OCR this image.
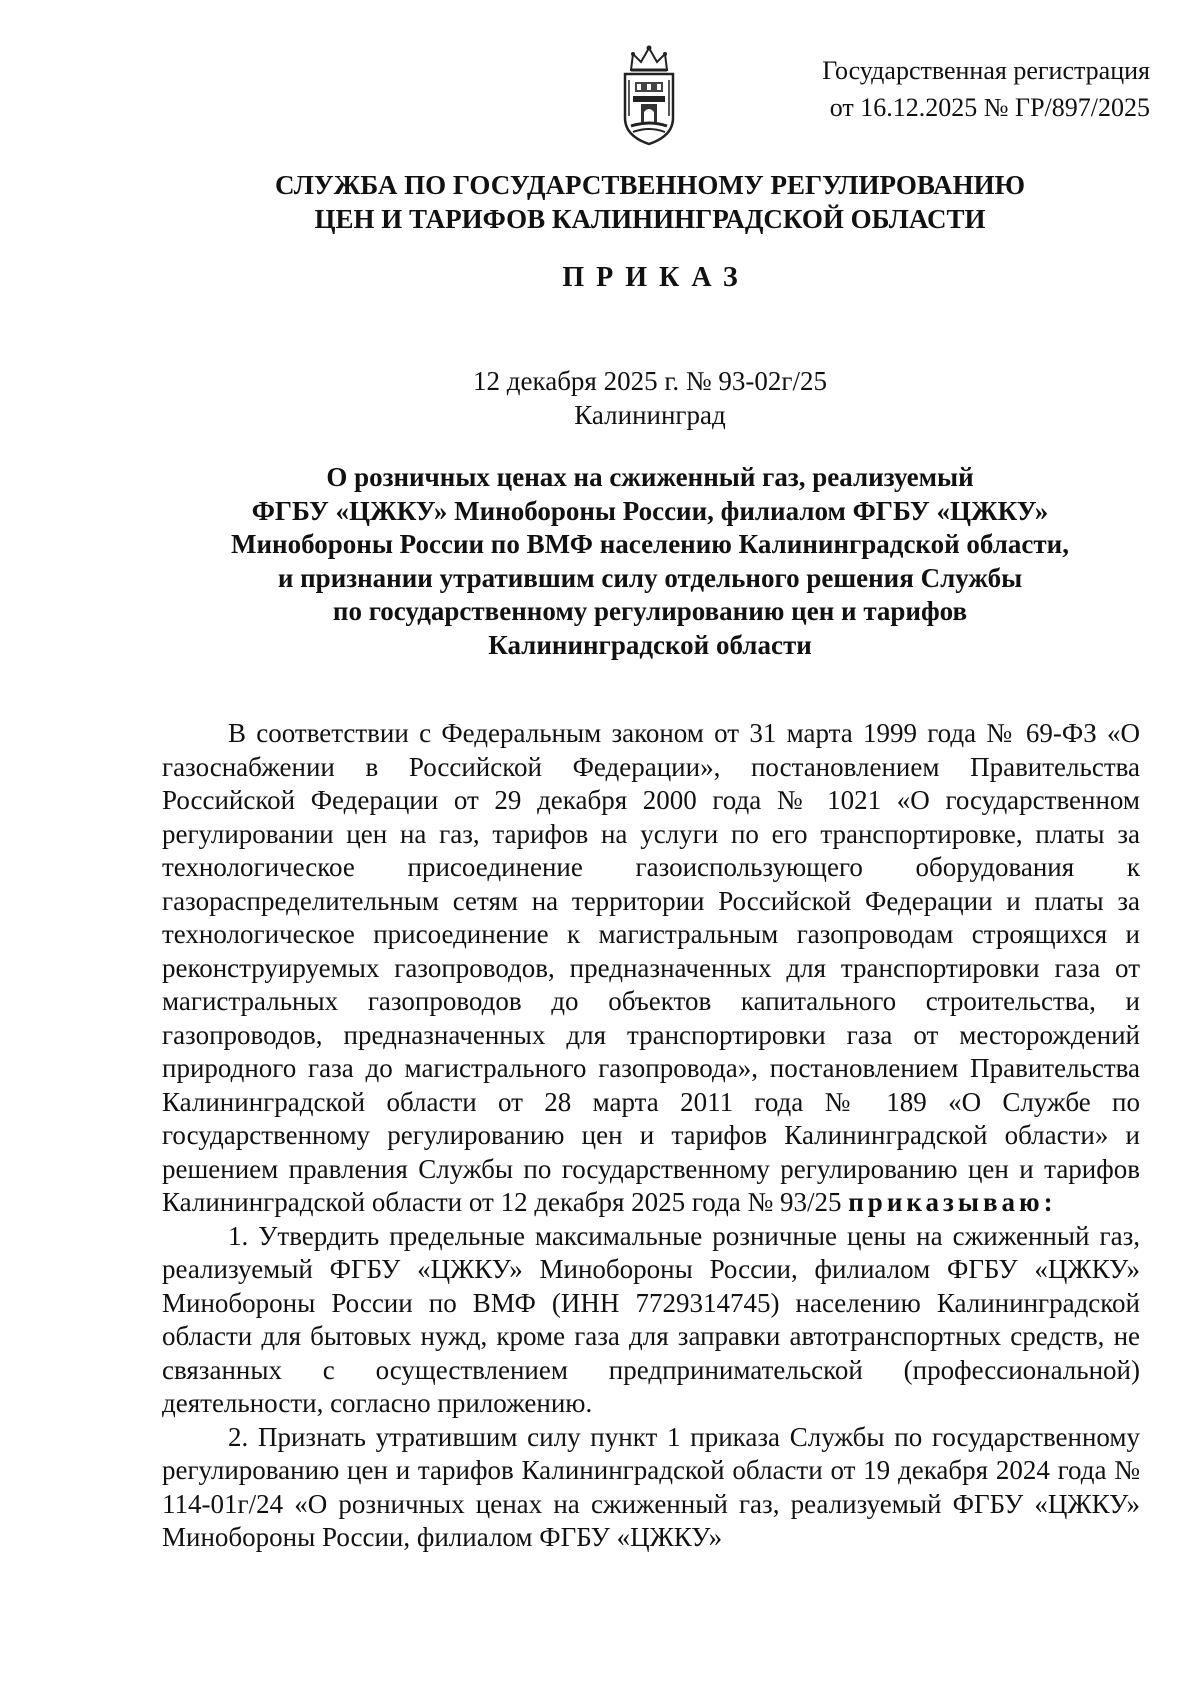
Государственная регистрация
от 16.12.2025 № ГР/897/2025
СЛУЖБА ПО ГОСУДАРСТВЕННОМУ РЕГУЛИРОВАНИЮ
ЦЕН И ТАРИФОВ КАЛИНИНГРАДСКОЙ ОБЛАСТИ
ПРИКАЗ
12 декабря 2025 г. № 93-02г/25
Калининград
О розничных ценах на сжиженный газ, реализуемый
ФГБУ «ЦЖКУ» Минобороны России, филиалом ФГБУ «ЦЖКУ»
Минобороны России по ВМФ населению Калининградской области,
и признании утратившим силу отдельного решения Службы
по государственному регулированию цен и тарифов
Калининградской области

В соответствии с Федеральным законом от 31 марта 1999 года № 69-ФЗ «О газоснабжении в Российской Федерации», постановлением Правительства Российской Федерации от 29 декабря 2000 года № 1021 «О государственном регулировании цен на газ, тарифов на услуги по его транспортировке, платы за технологическое присоединение газоиспользующего оборудования к газораспределительным сетям на территории Российской Федерации и платы за технологическое присоединение к магистральным газопроводам строящихся и реконструируемых газопроводов, предназначенных для транспортировки газа от магистральных газопроводов до объектов капитального строительства, и газопроводов, предназначенных для транспортировки газа от месторождений природного газа до магистрального газопровода», постановлением Правительства Калининградской области от 28 марта 2011 года № 189 «О Службе по государственному регулированию цен и тарифов Калининградской области» и решением правления Службы по государственному регулированию цен и тарифов Калининградской области от 12 декабря 2025 года № 93/25 приказываю:

1. Утвердить предельные максимальные розничные цены на сжиженный газ, реализуемый ФГБУ «ЦЖКУ» Минобороны России, филиалом ФГБУ «ЦЖКУ» Минобороны России по ВМФ (ИНН 7729314745) населению Калининградской области для бытовых нужд, кроме газа для заправки автотранспортных средств, не связанных с осуществлением предпринимательской (профессиональной) деятельности, согласно приложению.

2. Признать утратившим силу пункт 1 приказа Службы по государственному регулированию цен и тарифов Калининградской области от 19 декабря 2024 года № 114-01г/24 «О розничных ценах на сжиженный газ, реализуемый ФГБУ «ЦЖКУ» Минобороны России, филиалом ФГБУ «ЦЖКУ»
